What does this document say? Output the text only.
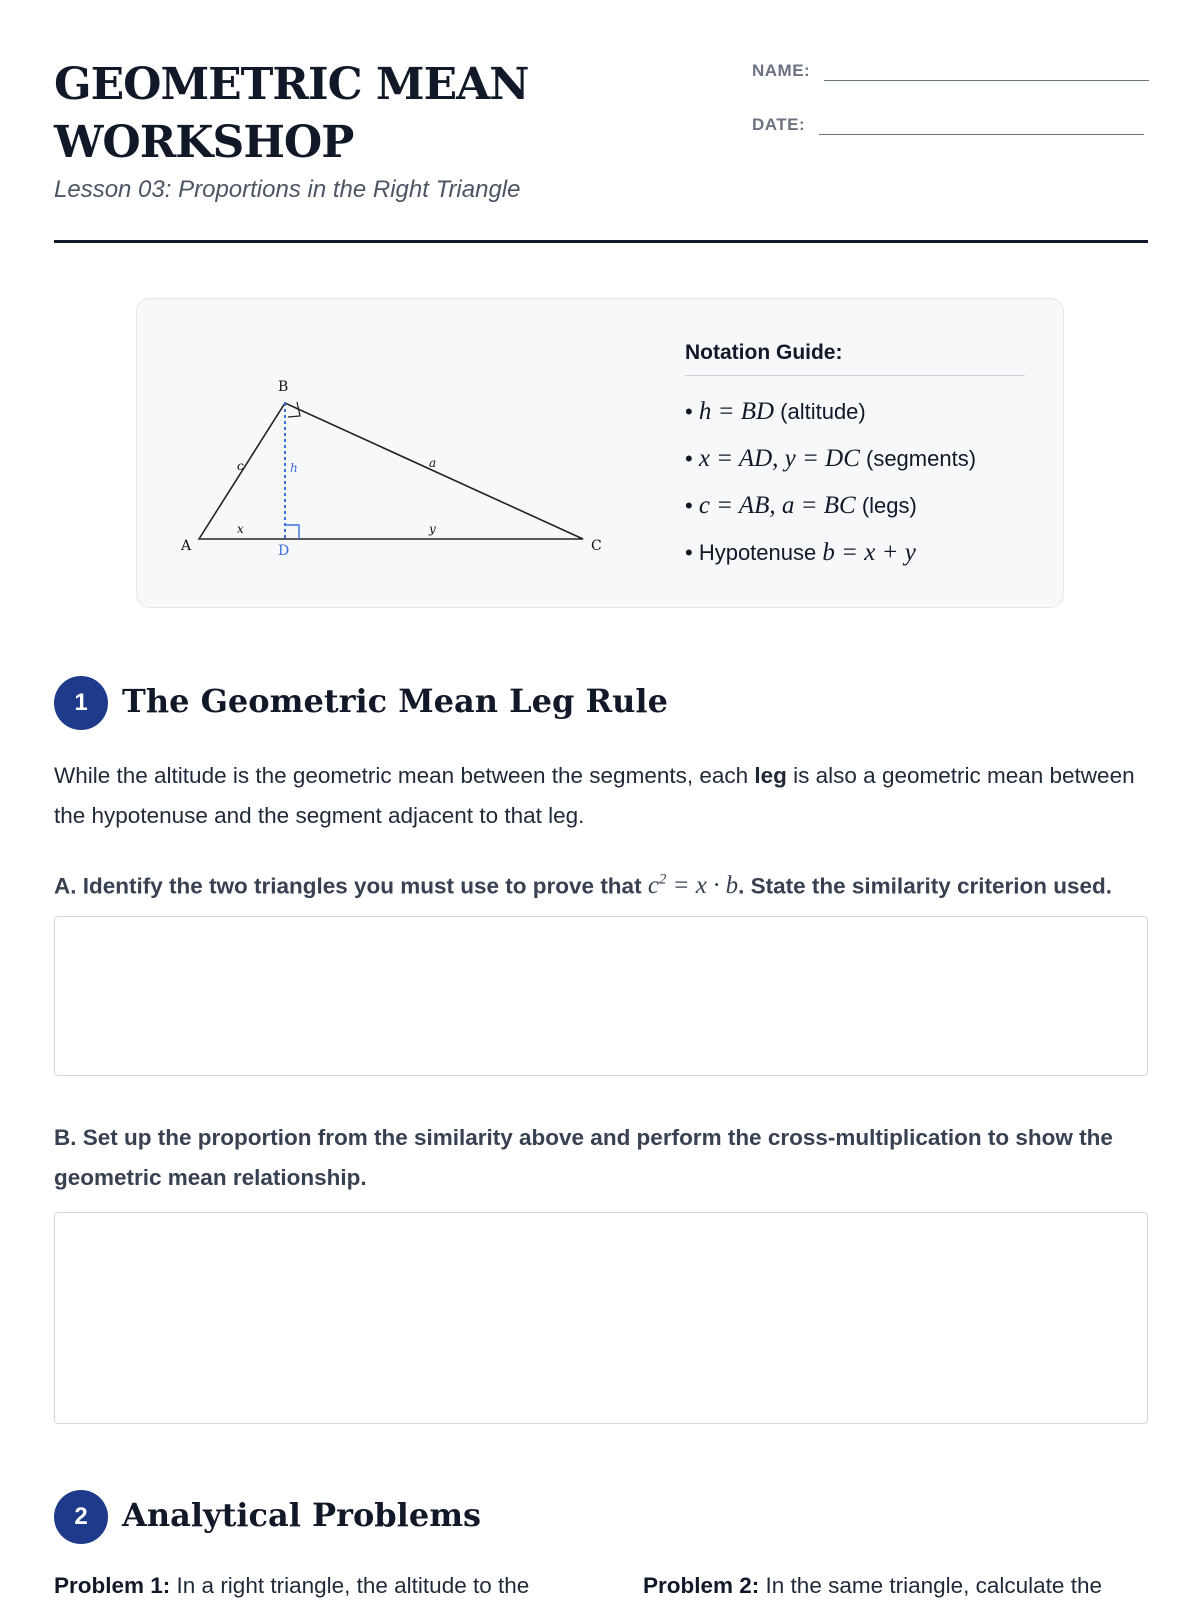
GEOMETRIC MEAN WORKSHOP

Lesson 03: Proportions in the Right Triangle

NAME:
DATE:
B
A	C
D
h
x	y
c	a
Notation Guide:
• h = BD (altitude)
• x = AD, y = DC (segments)
• c = AB, a = BC (legs)
• Hypotenuse b = x + y
1	The Geometric Mean Leg Rule

While the altitude is the geometric mean between the segments, each leg is also a geometric mean between the hypotenuse and the segment adjacent to that leg.

A. Identify the two triangles you must use to prove that $c^2 = x \cdot b$. State the similarity criterion used.

B. Set up the proportion from the similarity above and perform the cross-multiplication to show the geometric mean relationship.

2	Analytical Problems
Problem 1: In a right triangle, the altitude to the	Problem 2: In the same triangle, calculate the
